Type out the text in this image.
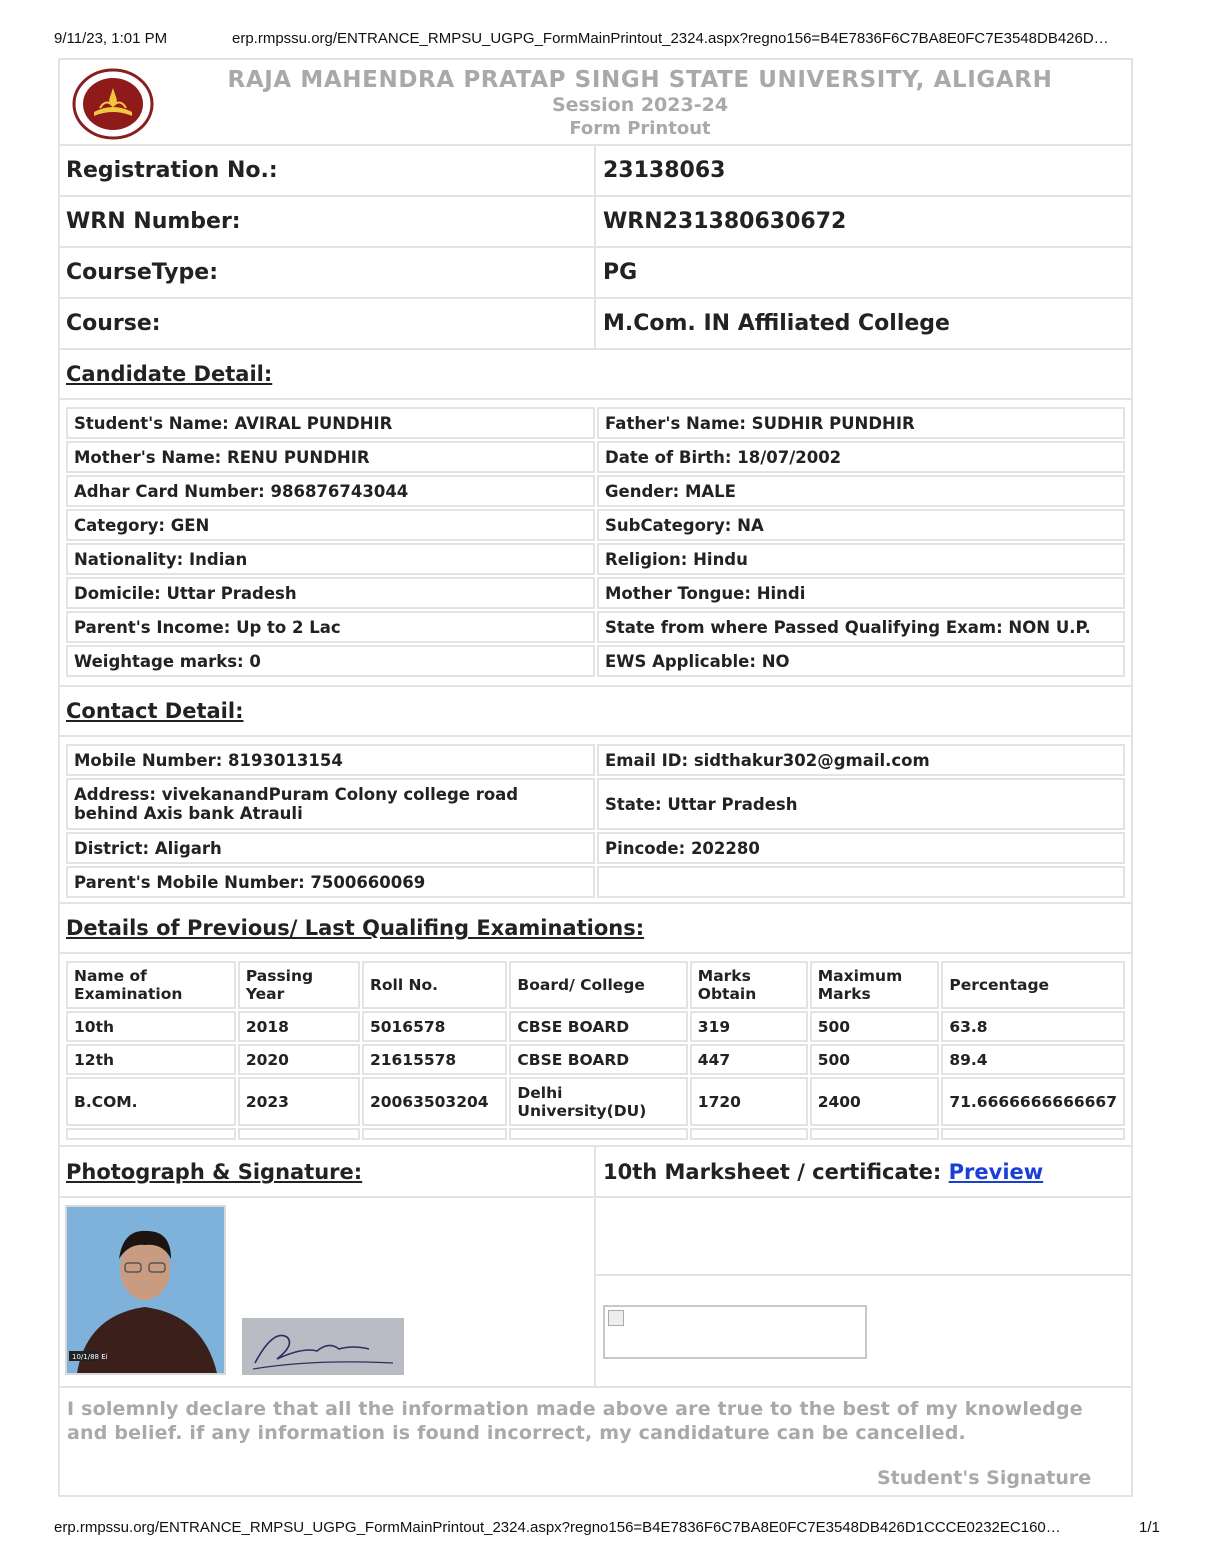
9/11/23, 1:01 PM	erp.rmpssu.org/ENTRANCE_RMPSU_UGPG_FormMainPrintout_2324.aspx?regno156=B4E7836F6C7BA8E0FC7E3548DB426D…
RAJA MAHENDRA PRATAP SINGH STATE UNIVERSITY, ALIGARH
Session 2023-24
Form Printout
Registration No.:	23138063
WRN Number:	WRN231380630672
CourseType:	PG
Course:	M.Com. IN Affiliated College
Candidate Detail:
Student's Name: AVIRAL PUNDHIR	Father's Name: SUDHIR PUNDHIR
Mother's Name: RENU PUNDHIR	Date of Birth: 18/07/2002
Adhar Card Number: 986876743044	Gender: MALE
Category: GEN	SubCategory: NA
Nationality: Indian	Religion: Hindu
Domicile: Uttar Pradesh	Mother Tongue: Hindi
Parent's Income: Up to 2 Lac	State from where Passed Qualifying Exam: NON U.P.
Weightage marks: 0	EWS Applicable: NO
Contact Detail:
Mobile Number: 8193013154	Email ID: sidthakur302@gmail.com
Address: vivekanandPuram Colony college road behind Axis bank Atrauli	State: Uttar Pradesh
District: Aligarh	Pincode: 202280
Parent's Mobile Number: 7500660069	
Details of Previous/ Last Qualifing Examinations:
Name of Examination	Passing Year	Roll No.	Board/ College	Marks Obtain	Maximum Marks	Percentage
10th	2018	5016578	CBSE BOARD	319	500	63.8
12th	2020	21615578	CBSE BOARD	447	500	89.4
B.COM.	2023	20063503204	Delhi University(DU)	1720	2400	71.6666666666667

Photograph & Signature:	10th Marksheet / certificate: Preview
10/1/88 Ei
I solemnly declare that all the information made above are true to the best of my knowledge and belief. if any information is found incorrect, my candidature can be cancelled.
Student's Signature
erp.rmpssu.org/ENTRANCE_RMPSU_UGPG_FormMainPrintout_2324.aspx?regno156=B4E7836F6C7BA8E0FC7E3548DB426D1CCCE0232EC160…	1/1
